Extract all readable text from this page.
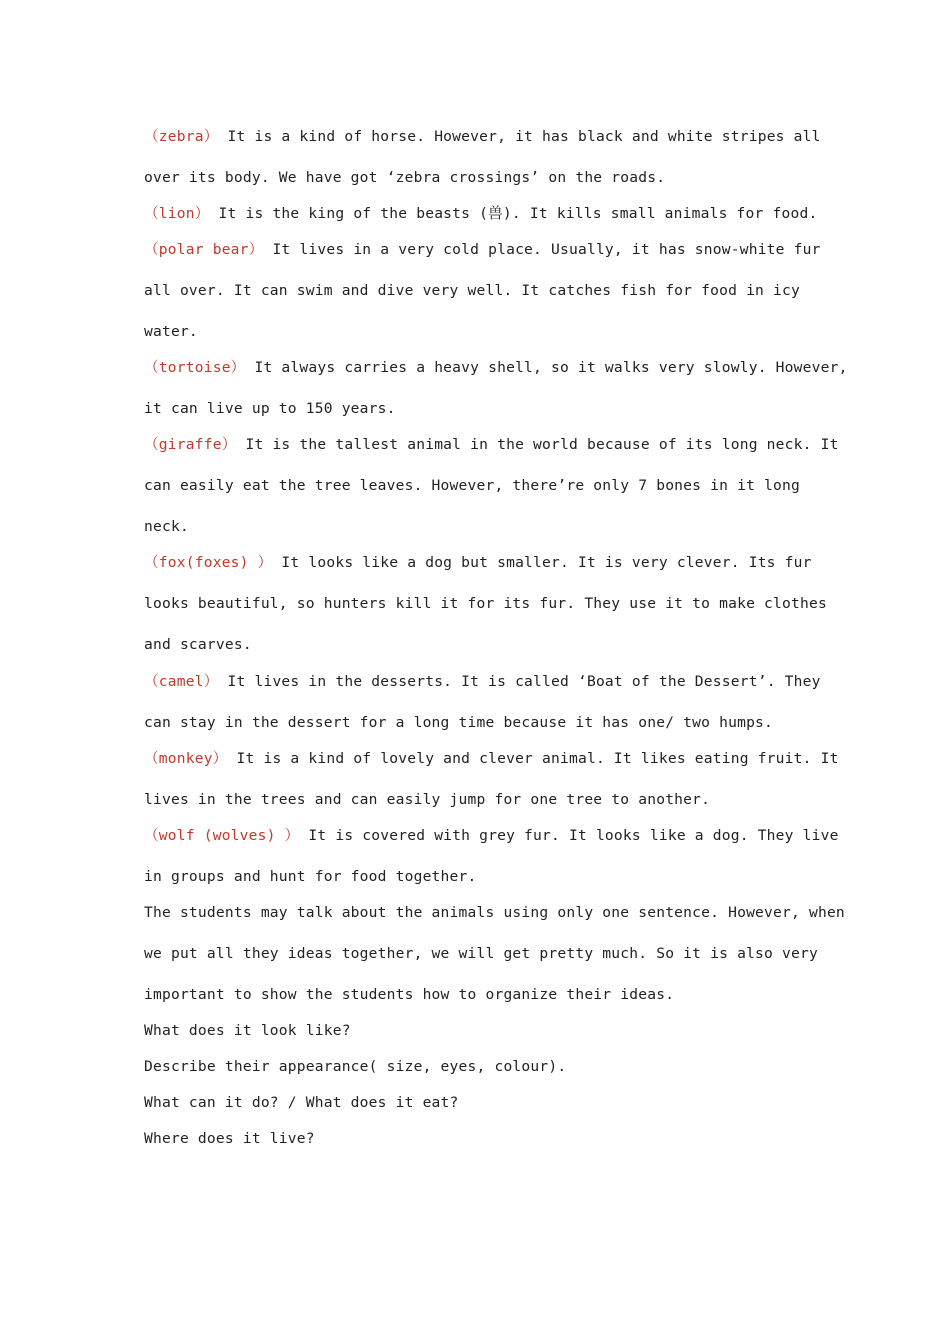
（zebra） It is a kind of horse. However, it has black and white stripes all
over its body. We have got ‘zebra crossings’ on the roads.
（lion） It is the king of the beasts (兽). It kills small animals for food.
（polar bear） It lives in a very cold place. Usually, it has snow-white fur
all over. It can swim and dive very well. It catches fish for food in icy
water.
（tortoise） It always carries a heavy shell, so it walks very slowly. However,
it can live up to 150 years.
（giraffe） It is the tallest animal in the world because of its long neck. It
can easily eat the tree leaves. However, there’re only 7 bones in it long
neck.
（fox(foxes) ） It looks like a dog but smaller. It is very clever. Its fur
looks beautiful, so hunters kill it for its fur. They use it to make clothes
and scarves.
（camel） It lives in the desserts. It is called ‘Boat of the Dessert’. They
can stay in the dessert for a long time because it has one/ two humps.
（monkey） It is a kind of lovely and clever animal. It likes eating fruit. It
lives in the trees and can easily jump for one tree to another.
（wolf (wolves) ） It is covered with grey fur. It looks like a dog. They live
in groups and hunt for food together.
The students may talk about the animals using only one sentence. However, when
we put all they ideas together, we will get pretty much. So it is also very
important to show the students how to organize their ideas.
What does it look like?
Describe their appearance( size, eyes, colour).
What can it do? / What does it eat?
Where does it live?
